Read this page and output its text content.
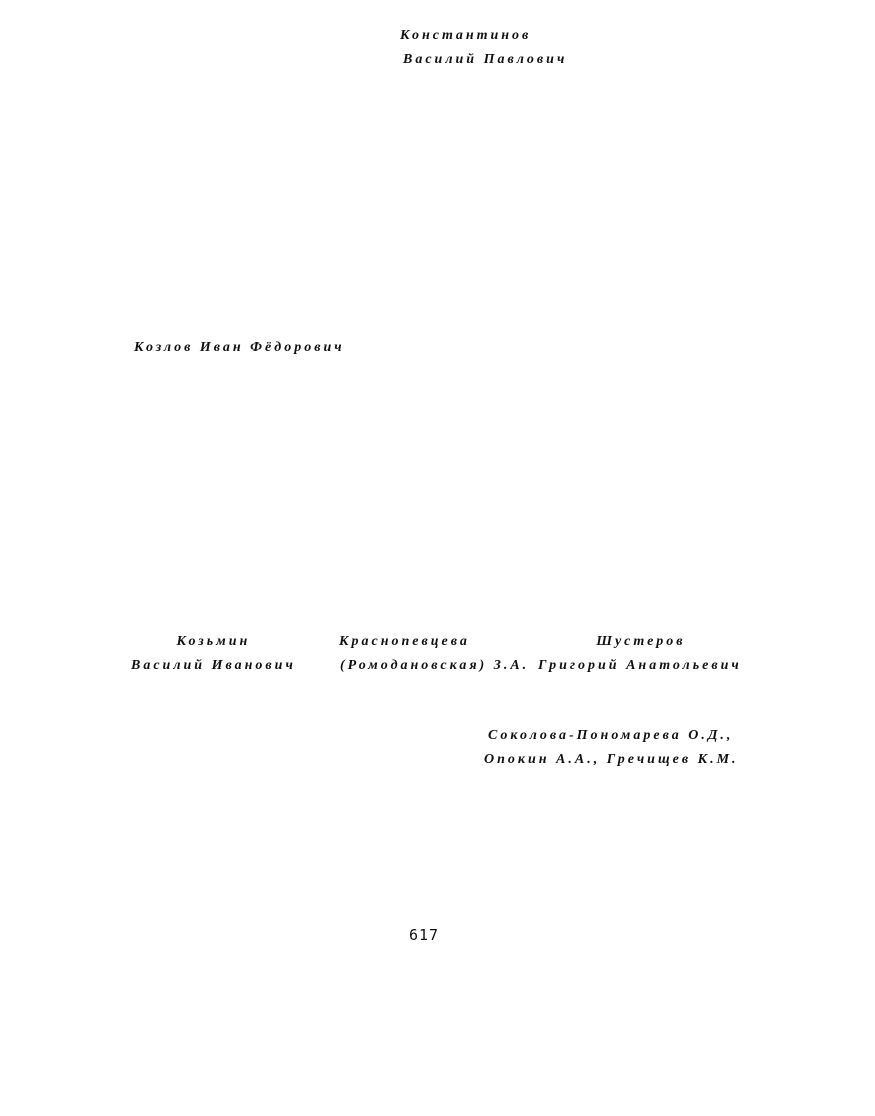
Константинов
Василий Павлович
Козлов Иван Фёдорович
Козьмин
Василий Иванович
Краснопевцева
(Ромодановская) З.А.
Шустеров
Григорий Анатольевич
Соколова-Пономарева О.Д.,
Опокин А.А., Гречищев К.М.
617
